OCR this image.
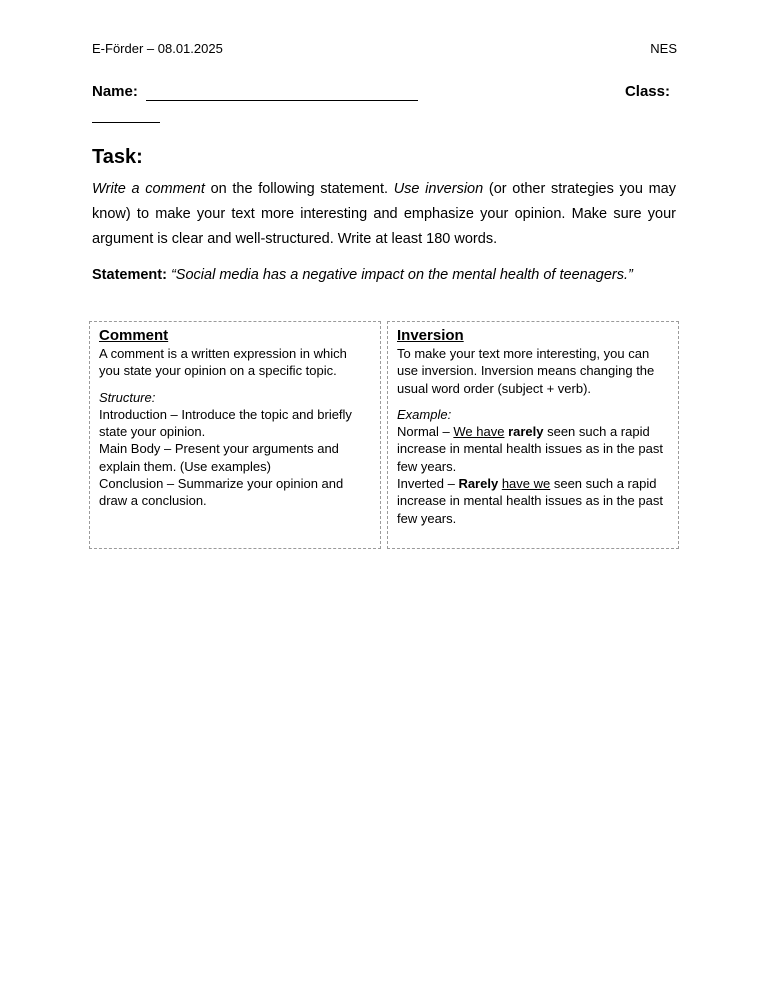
E-Förder – 08.01.2025	NES
Name:	Class:
Task:

Write a comment on the following statement. Use inversion (or other strategies you may know) to make your text more interesting and emphasize your opinion. Make sure your argument is clear and well-structured. Write at least 180 words.

Statement: “Social media has a negative impact on the mental health of teenagers.”

Comment

A comment is a written expression in which you state your opinion on a specific topic.

Structure:

Introduction – Introduce the topic and briefly state your opinion.

Main Body – Present your arguments and explain them. (Use examples)

Conclusion – Summarize your opinion and draw a conclusion.

Inversion

To make your text more interesting, you can use inversion. Inversion means changing the usual word order (subject + verb).

Example:

Normal – We have rarely seen such a rapid increase in mental health issues as in the past few years.

Inverted – Rarely have we seen such a rapid increase in mental health issues as in the past few years.
